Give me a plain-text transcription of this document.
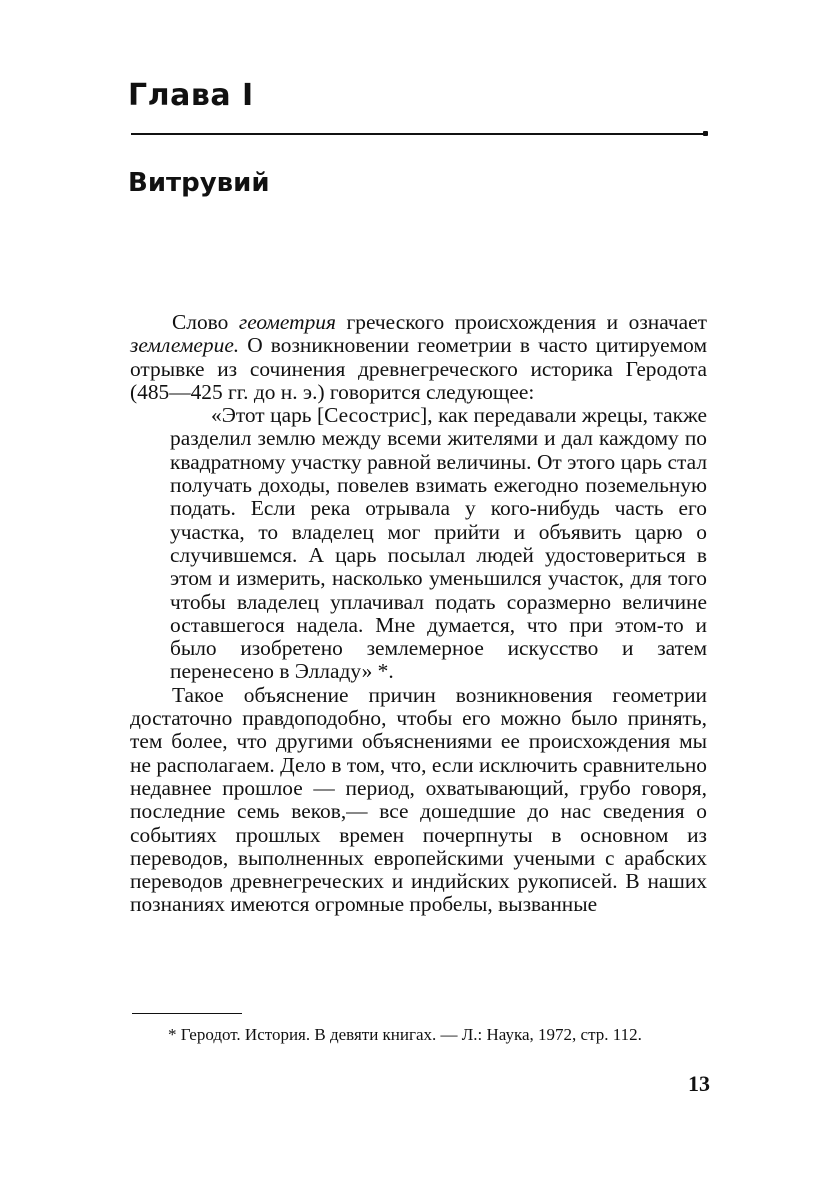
Глава I
Витрувий

Слово геометрия греческого происхождения и означает землемерие. О возникновении геометрии в часто цитируемом отрывке из сочинения древнегреческого историка Геродота (485—425 гг. до н. э.) говорится следующее:

«Этот царь [Сесострис], как передавали жрецы, также разделил землю между всеми жителями и дал каждому по квадратному участку равной величины. От этого царь стал получать доходы, повелев взимать ежегодно поземельную подать. Если река отрывала у кого-нибудь часть его участка, то владелец мог прийти и объявить царю о случившемся. А царь посылал людей удостовериться в этом и измерить, насколько уменьшился участок, для того чтобы владелец уплачивал подать соразмерно величине оставшегося надела. Мне думается, что при этом-то и было изобретено землемерное искусство и затем перенесено в Элладу» *.

Такое объяснение причин возникновения геометрии достаточно правдоподобно, чтобы его можно было принять, тем более, что другими объяснениями ее происхождения мы не располагаем. Дело в том, что, если исключить сравнительно недавнее прошлое — период, охватывающий, грубо говоря, последние семь веков,— все дошедшие до нас сведения о событиях прошлых времен почерпнуты в основном из переводов, выполненных европейскими учеными с арабских переводов древнегреческих и индийских рукописей. В наших познаниях имеются огромные пробелы, вызванные

* Геродот. История. В девяти книгах. — Л.: Наука, 1972, стр. 112.

13
